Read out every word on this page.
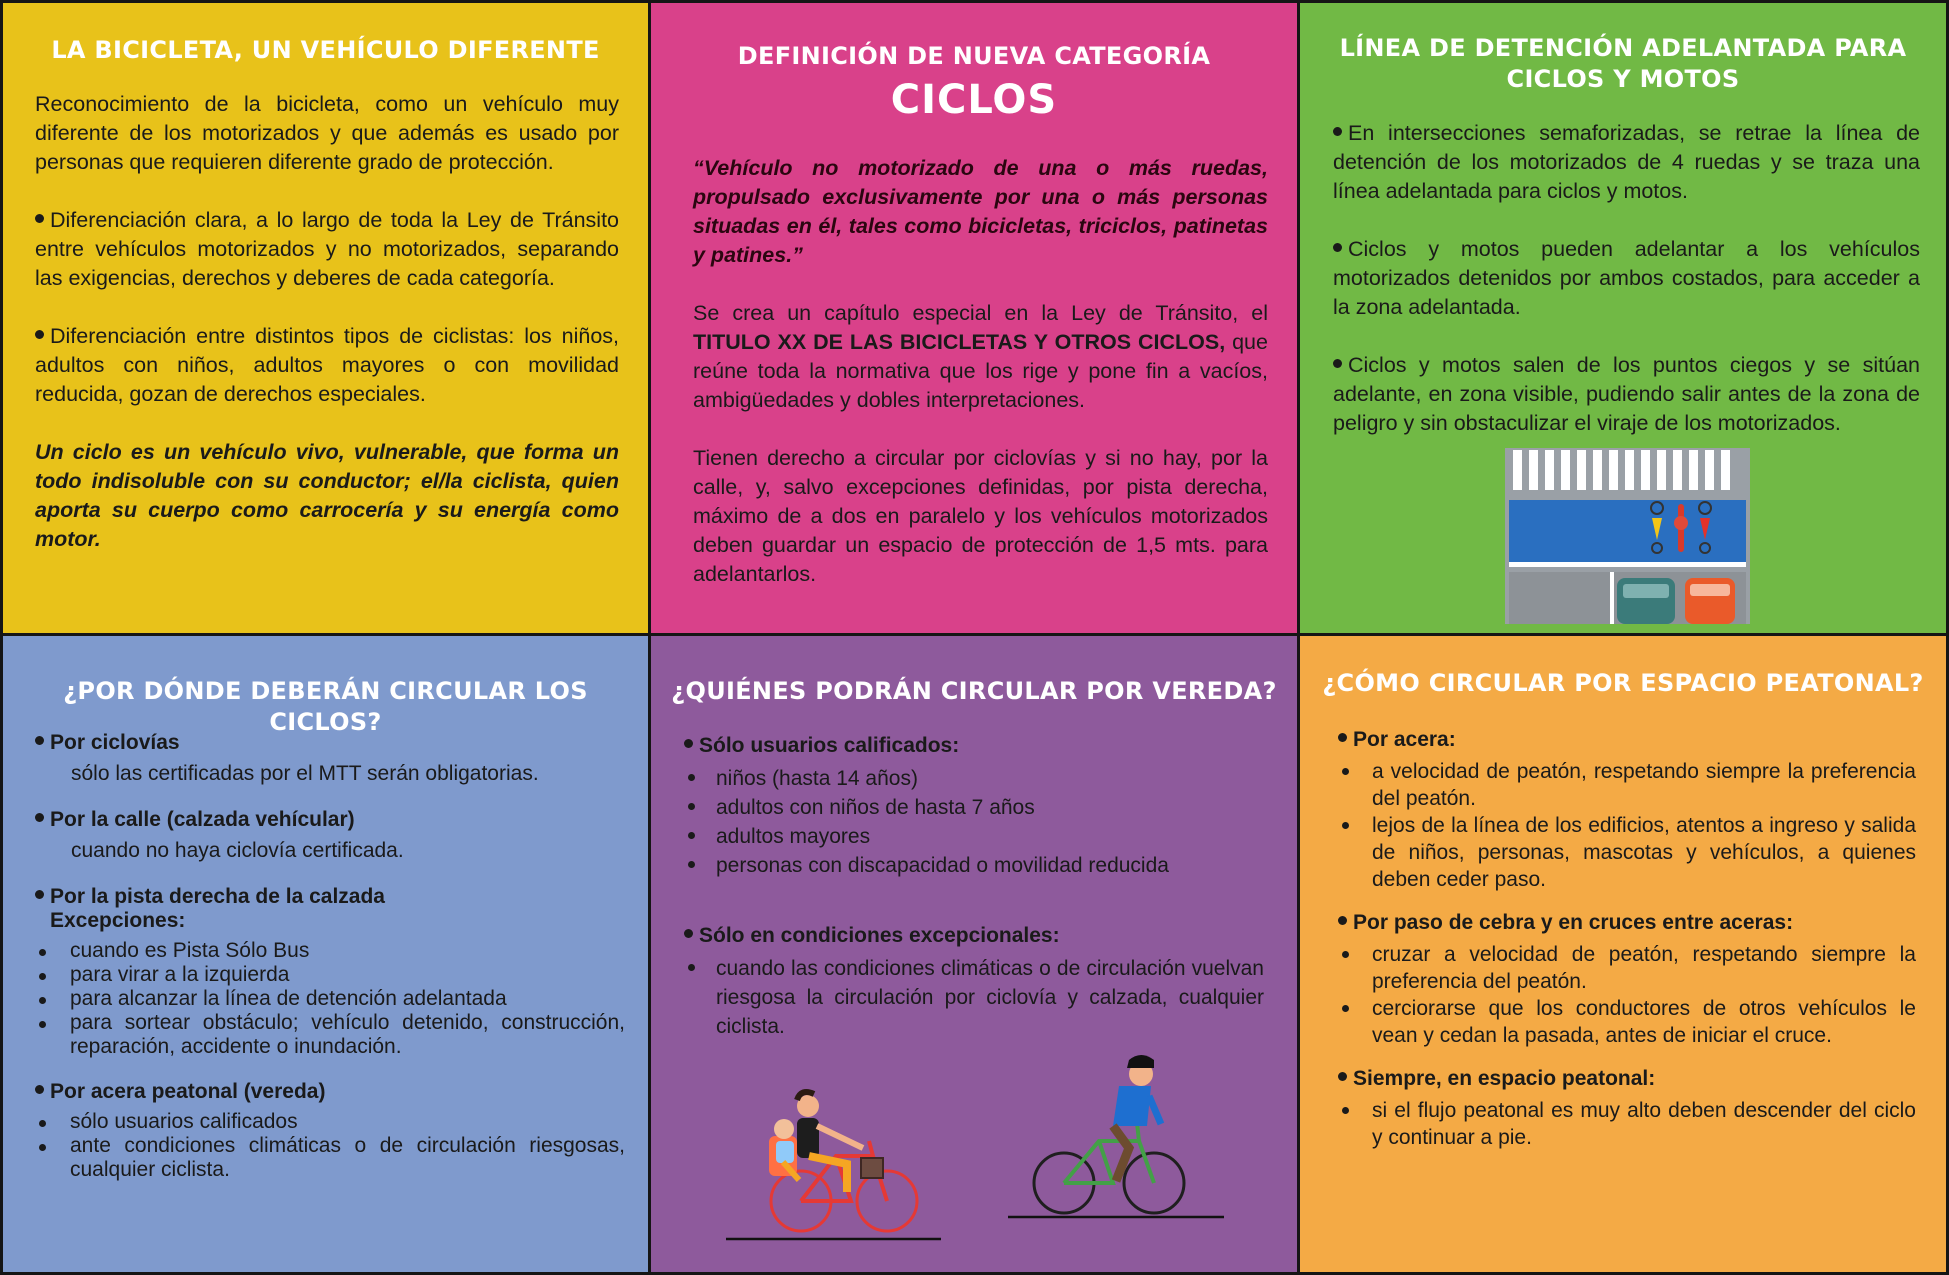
LA BICICLETA, UN VEHÍCULO DIFERENTE

Reconocimiento de la bicicleta, como un vehículo muy diferente de los motorizados y que además es usado por personas que requieren diferente grado de protección.

Diferenciación clara, a lo largo de toda la Ley de Tránsito entre vehículos motorizados y no motorizados, separando las exigencias, derechos y deberes de cada categoría.

Diferenciación entre distintos tipos de ciclistas: los niños, adultos con niños, adultos mayores o con movilidad reducida, gozan de derechos especiales.

Un ciclo es un vehículo vivo, vulnerable, que forma un todo indisoluble con su conductor; el/la ciclista, quien aporta su cuerpo como carrocería y su energía como motor.

DEFINICIÓN DE NUEVA CATEGORÍA
CICLOS

“Vehículo no motorizado de una o más ruedas, propulsado exclusivamente por una o más personas situadas en él, tales como bicicletas, triciclos, patinetas y patines.”

Se crea un capítulo especial en la Ley de Tránsito, el TITULO XX DE LAS BICICLETAS Y OTROS CICLOS, que reúne toda la normativa que los rige y pone fin a vacíos, ambigüedades y dobles interpretaciones.

Tienen derecho a circular por ciclovías y si no hay, por la calle, y, salvo excepciones definidas, por pista derecha, máximo de a dos en paralelo y los vehículos motorizados deben guardar un espacio de protección de 1,5 mts. para adelantarlos.

LÍNEA DE DETENCIÓN ADELANTADA PARA CICLOS Y MOTOS

En intersecciones semaforizadas, se retrae la línea de detención de los motorizados de 4 ruedas y se traza una línea adelantada para ciclos y motos.

Ciclos y motos pueden adelantar a los vehículos motorizados detenidos por ambos costados, para acceder a la zona adelantada.

Ciclos y motos salen de los puntos ciegos y se sitúan adelante, en zona visible, pudiendo salir antes de la zona de peligro y sin obstaculizar el viraje de los motorizados.

¿POR DÓNDE DEBERÁN CIRCULAR LOS CICLOS?
Por ciclovías
sólo las certificadas por el MTT serán obligatorias.
Por la calle (calzada vehícular)
cuando no haya ciclovía certificada.
Por la pista derecha de la calzada
Excepciones:
cuando es Pista Sólo Bus
para virar a la izquierda
para alcanzar la línea de detención adelantada
para sortear obstáculo; vehículo detenido, construcción, reparación, accidente o inundación.
Por acera peatonal (vereda)
sólo usuarios calificados
ante condiciones climáticas o de circulación riesgosas, cualquier ciclista.
¿QUIÉNES PODRÁN CIRCULAR POR VEREDA?
Sólo usuarios calificados:
niños (hasta 14 años)
adultos con niños de hasta 7 años
adultos mayores
personas con discapacidad o movilidad reducida
Sólo en condiciones excepcionales:
cuando las condiciones climáticas o de circulación vuelvan riesgosa la circulación por ciclovía y calzada, cualquier ciclista.
¿CÓMO CIRCULAR POR ESPACIO PEATONAL?
Por acera:
a velocidad de peatón, respetando siempre la preferencia del peatón.
lejos de la línea de los edificios, atentos a ingreso y salida de niños, personas, mascotas y vehículos, a quienes deben ceder paso.
Por paso de cebra y en cruces entre aceras:
cruzar a velocidad de peatón, respetando siempre la preferencia del peatón.
cerciorarse que los conductores de otros vehículos le vean y cedan la pasada, antes de iniciar el cruce.
Siempre, en espacio peatonal:
si el flujo peatonal es muy alto deben descender del ciclo y continuar a pie.
